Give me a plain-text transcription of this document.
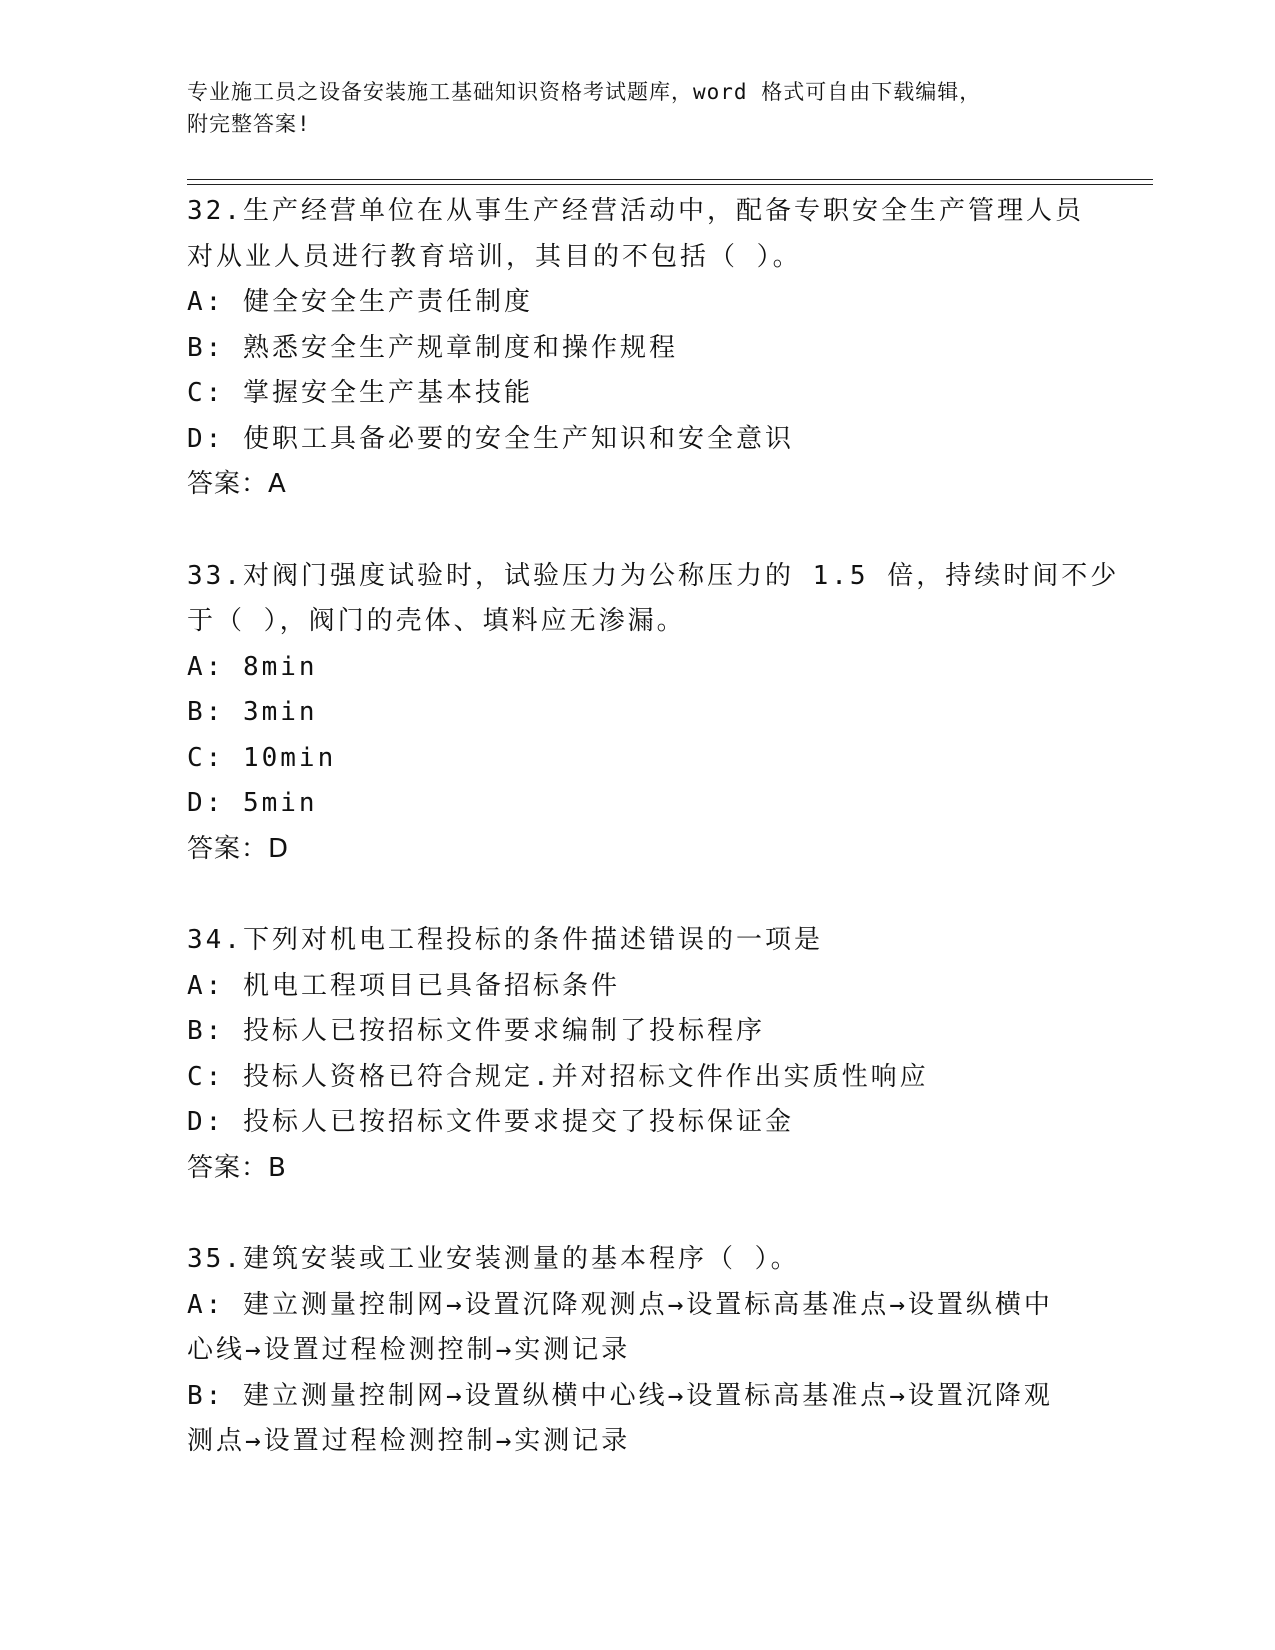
专业施工员之设备安装施工基础知识资格考试题库，word 格式可自由下载编辑，
附完整答案!
32.生产经营单位在从事生产经营活动中，配备专职安全生产管理人员
对从业人员进行教育培训，其目的不包括（ ）。
A: 健全安全生产责任制度
B: 熟悉安全生产规章制度和操作规程
C: 掌握安全生产基本技能
D: 使职工具备必要的安全生产知识和安全意识
答案：A
33.对阀门强度试验时，试验压力为公称压力的 1.5 倍，持续时间不少
于（ ），阀门的壳体、填料应无渗漏。
A: 8min
B: 3min
C: 10min
D: 5min
答案：D
34.下列对机电工程投标的条件描述错误的一项是
A: 机电工程项目已具备招标条件
B: 投标人已按招标文件要求编制了投标程序
C: 投标人资格已符合规定.并对招标文件作出实质性响应
D: 投标人已按招标文件要求提交了投标保证金
答案：B
35.建筑安装或工业安装测量的基本程序（ ）。
A: 建立测量控制网→设置沉降观测点→设置标高基准点→设置纵横中
心线→设置过程检测控制→实测记录
B: 建立测量控制网→设置纵横中心线→设置标高基准点→设置沉降观
测点→设置过程检测控制→实测记录
